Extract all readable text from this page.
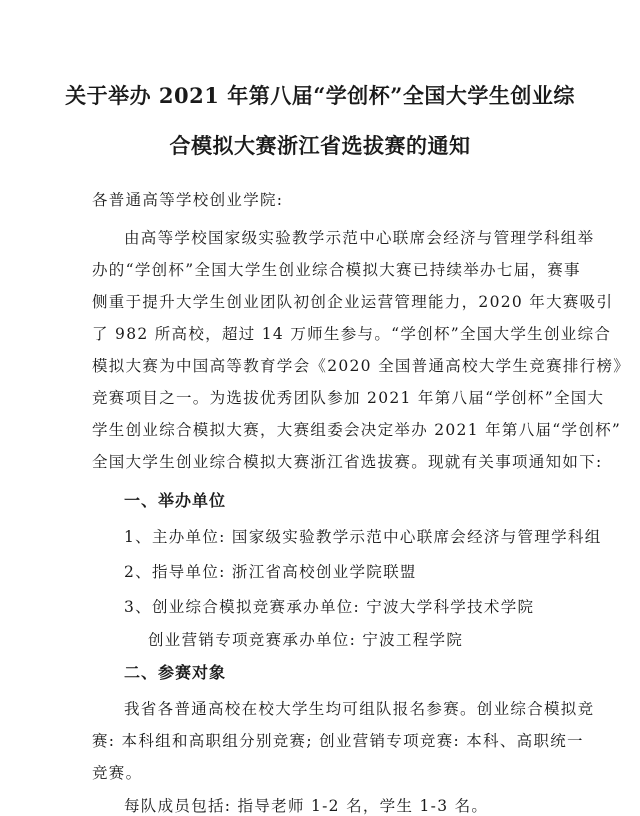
关于举办 2021 年第八届“学创杯”全国大学生创业综
合模拟大赛浙江省选拔赛的通知
各普通高等学校创业学院:
由高等学校国家级实验教学示范中心联席会经济与管理学科组举
办的“学创杯”全国大学生创业综合模拟大赛已持续举办七届，赛事
侧重于提升大学生创业团队初创企业运营管理能力，2020 年大赛吸引
了 982 所高校，超过 14 万师生参与。“学创杯”全国大学生创业综合
模拟大赛为中国高等教育学会《2020 全国普通高校大学生竞赛排行榜》
竞赛项目之一。为选拔优秀团队参加 2021 年第八届“学创杯”全国大
学生创业综合模拟大赛，大赛组委会决定举办 2021 年第八届“学创杯”
全国大学生创业综合模拟大赛浙江省选拔赛。现就有关事项通知如下:
一、举办单位
1、主办单位: 国家级实验教学示范中心联席会经济与管理学科组
2、指导单位: 浙江省高校创业学院联盟
3、创业综合模拟竞赛承办单位: 宁波大学科学技术学院
创业营销专项竞赛承办单位: 宁波工程学院
二、参赛对象
我省各普通高校在校大学生均可组队报名参赛。创业综合模拟竞
赛: 本科组和高职组分别竞赛; 创业营销专项竞赛: 本科、高职统一
竞赛。
每队成员包括: 指导老师 1-2 名，学生 1-3 名。
